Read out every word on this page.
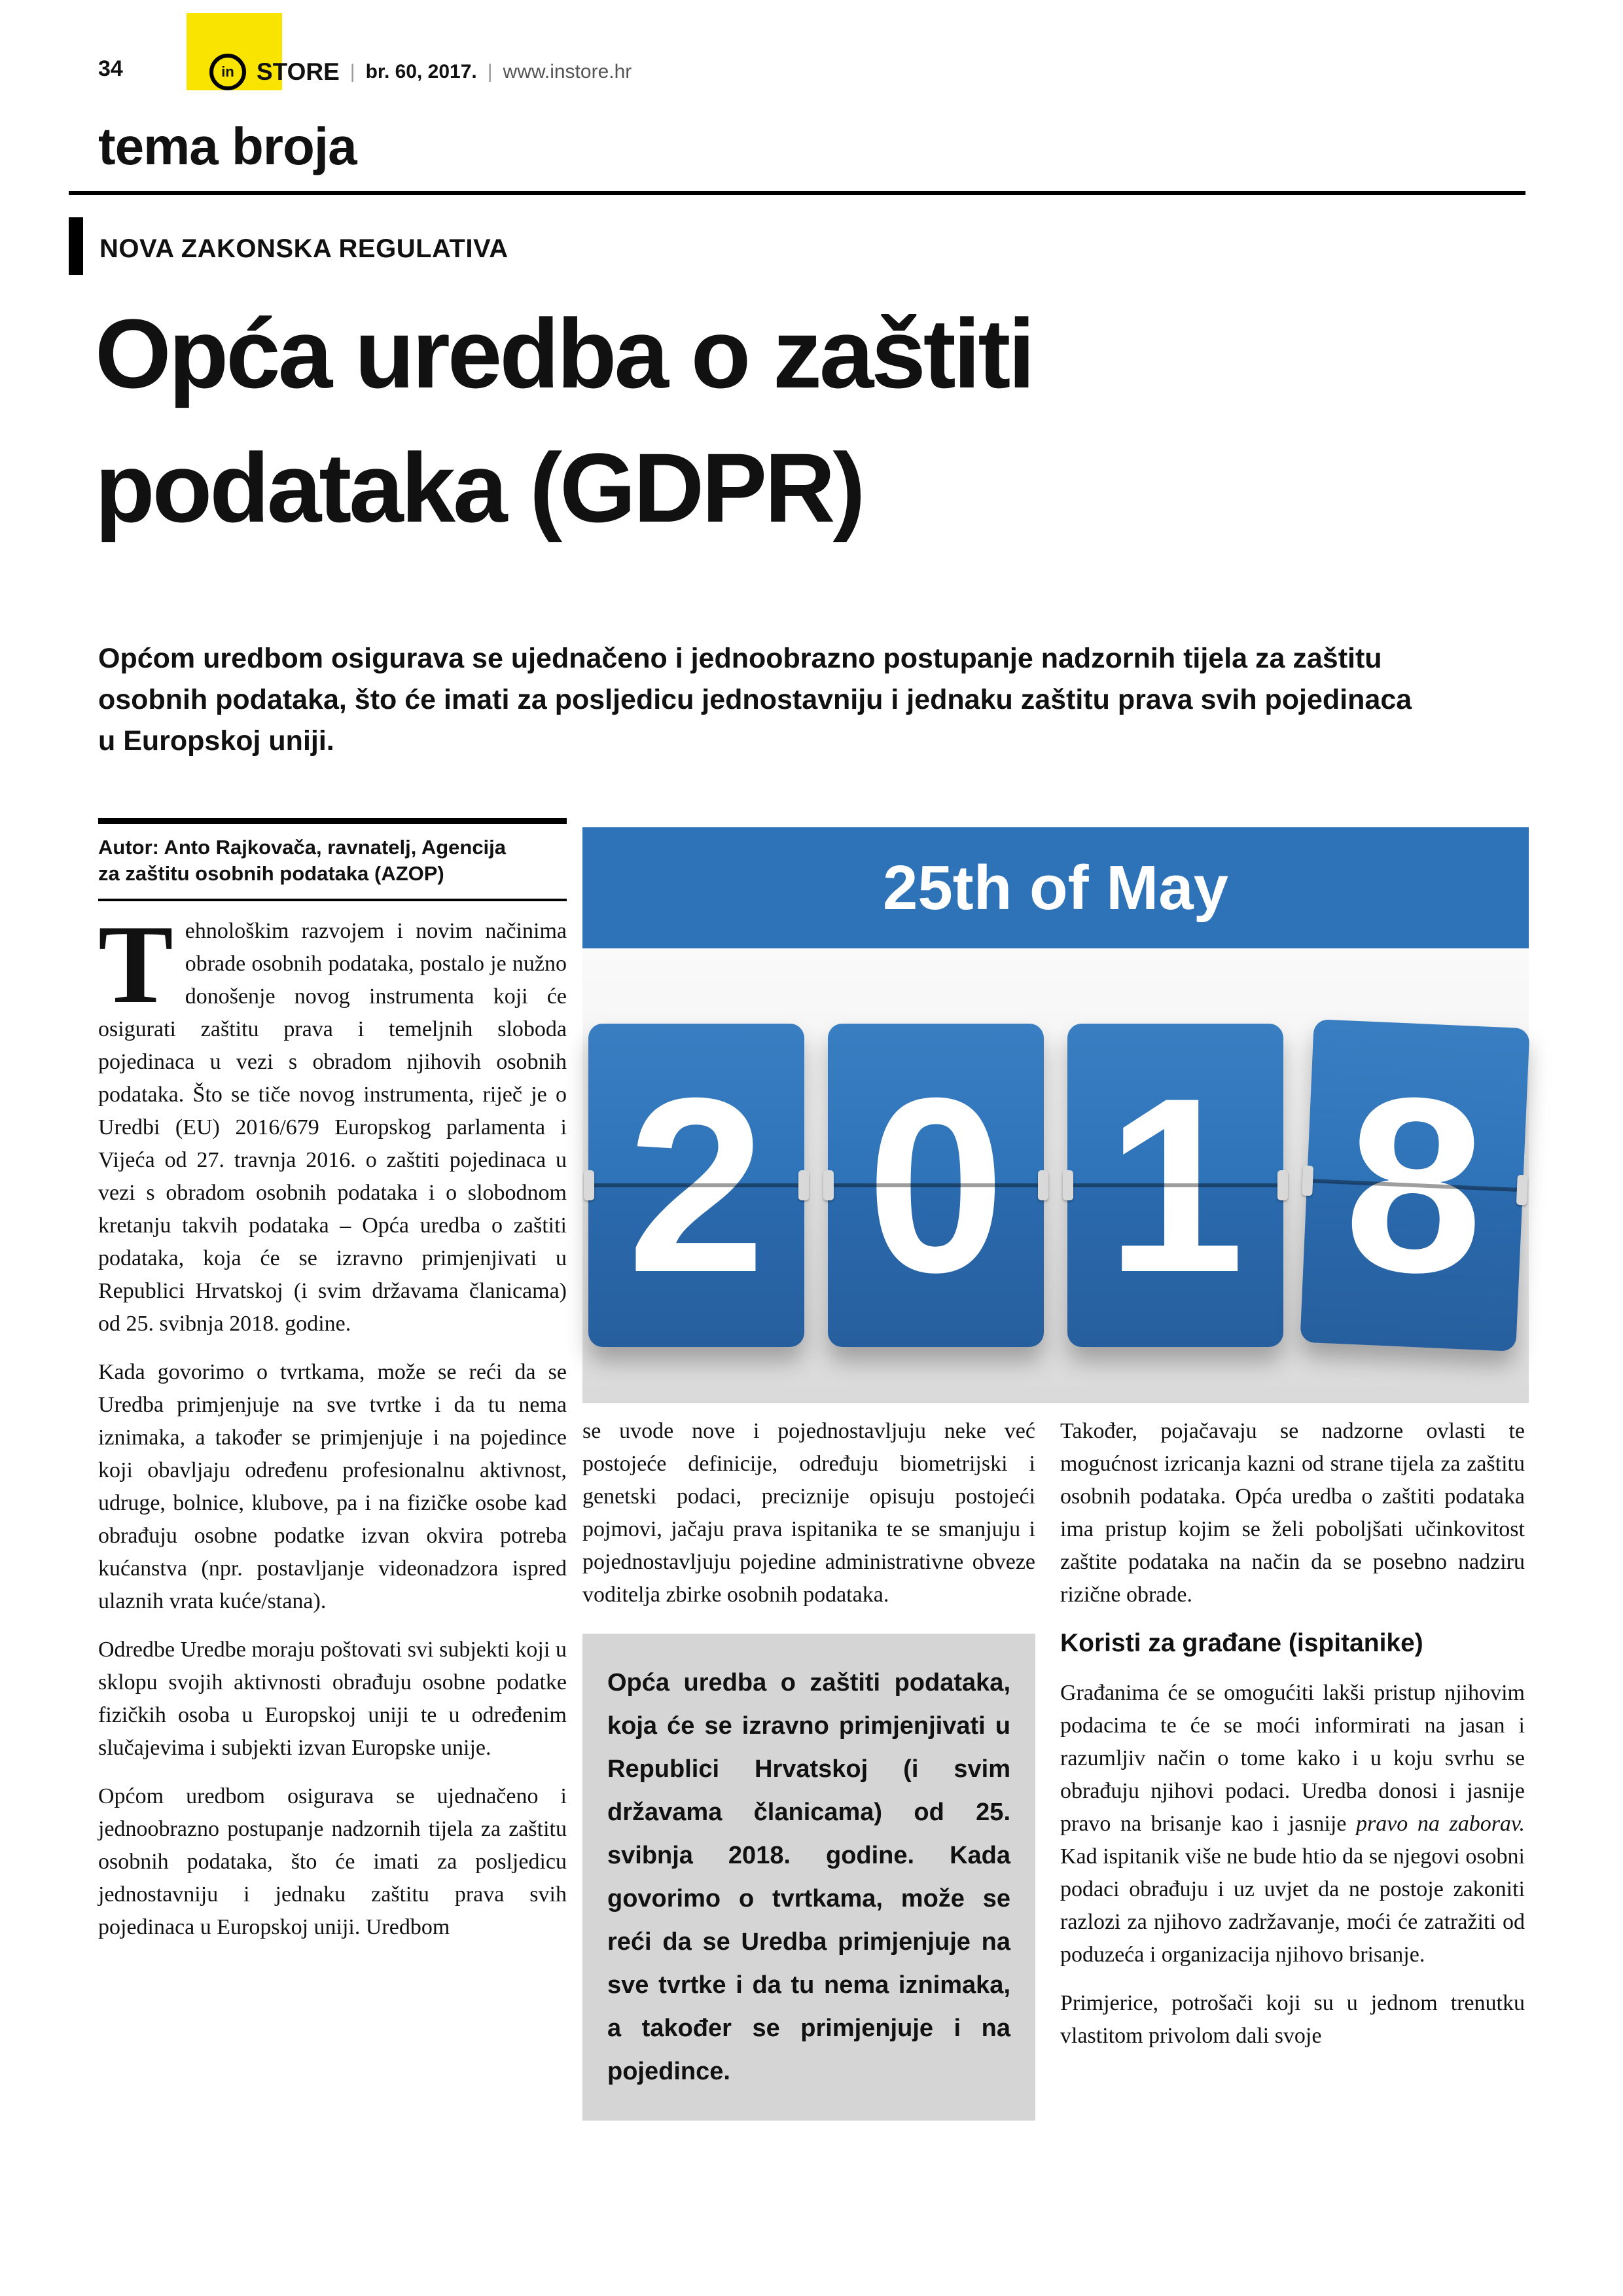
34	in STORE | br. 60, 2017. | www.instore.hr
tema broja
NOVA ZAKONSKA REGULATIVA
Opća uredba o zaštiti
podataka (GDPR)
Općom uredbom osigurava se ujednačeno i jednoobrazno postupanje nadzornih tijela za zaštitu osobnih podataka, što će imati za posljedicu jednostavniju i jednaku zaštitu prava svih pojedinaca u Europskoj uniji.
Autor: Anto Rajkovača, ravnatelj, Agencija
za zaštitu osobnih podataka (AZOP)	25th of May
2 0 1 8

Tehnološkim razvojem i novim načinima obrade osobnih podataka, postalo je nužno donošenje novog instrumenta koji će osigurati zaštitu prava i temeljnih sloboda pojedinaca u vezi s obradom njihovih osobnih podataka. Što se tiče novog instrumenta, riječ je o Uredbi (EU) 2016/679 Europskog parlamenta i Vijeća od 27. travnja 2016. o zaštiti pojedinaca u vezi s obradom osobnih podataka i o slobodnom kretanju takvih podataka – Opća uredba o zaštiti podataka, koja će se izravno primjenjivati u Republici Hrvatskoj (i svim državama članicama) od 25. svibnja 2018. godine.

Kada govorimo o tvrtkama, može se reći da se Uredba primjenjuje na sve tvrtke i da tu nema iznimaka, a također se primjenjuje i na pojedince koji obavljaju određenu profesionalnu aktivnost, udruge, bolnice, klubove, pa i na fizičke osobe kad obrađuju osobne podatke izvan okvira potreba kućanstva (npr. postavljanje videonadzora ispred ulaznih vrata kuće/stana).

Odredbe Uredbe moraju poštovati svi subjekti koji u sklopu svojih aktivnosti obrađuju osobne podatke fizičkih osoba u Europskoj uniji te u određenim slučajevima i subjekti izvan Europske unije.

Općom uredbom osigurava se ujednačeno i jednoobrazno postupanje nadzornih tijela za zaštitu osobnih podataka, što će imati za posljedicu jednostavniju i jednaku zaštitu prava svih pojedinaca u Europskoj uniji. Uredbom

se uvode nove i pojednostavljuju neke već postojeće definicije, određuju biometrijski i genetski podaci, preciznije opisuju postojeći pojmovi, jačaju prava ispitanika te se smanjuju i pojednostavljuju pojedine administrativne obveze voditelja zbirke osobnih podataka.

Opća uredba o zaštiti podataka, koja će se izravno primjenjivati u Republici Hrvatskoj (i svim državama članicama) od 25. svibnja 2018. godine. Kada govorimo o tvrtkama, može se reći da se Uredba primjenjuje na sve tvrtke i da tu nema iznimaka, a također se primjenjuje i na pojedince.

Također, pojačavaju se nadzorne ovlasti te mogućnost izricanja kazni od strane tijela za zaštitu osobnih podataka. Opća uredba o zaštiti podataka ima pristup kojim se želi poboljšati učinkovitost zaštite podataka na način da se posebno nadziru rizične obrade.

Koristi za građane (ispitanike)

Građanima će se omogućiti lakši pristup njihovim podacima te će se moći informirati na jasan i razumljiv način o tome kako i u koju svrhu se obrađuju njihovi podaci. Uredba donosi i jasnije pravo na brisanje kao i jasnije pravo na zaborav. Kad ispitanik više ne bude htio da se njegovi osobni podaci obrađuju i uz uvjet da ne postoje zakoniti razlozi za njihovo zadržavanje, moći će zatražiti od poduzeća i organizacija njihovo brisanje.

Primjerice, potrošači koji su u jednom trenutku vlastitom privolom dali svoje
